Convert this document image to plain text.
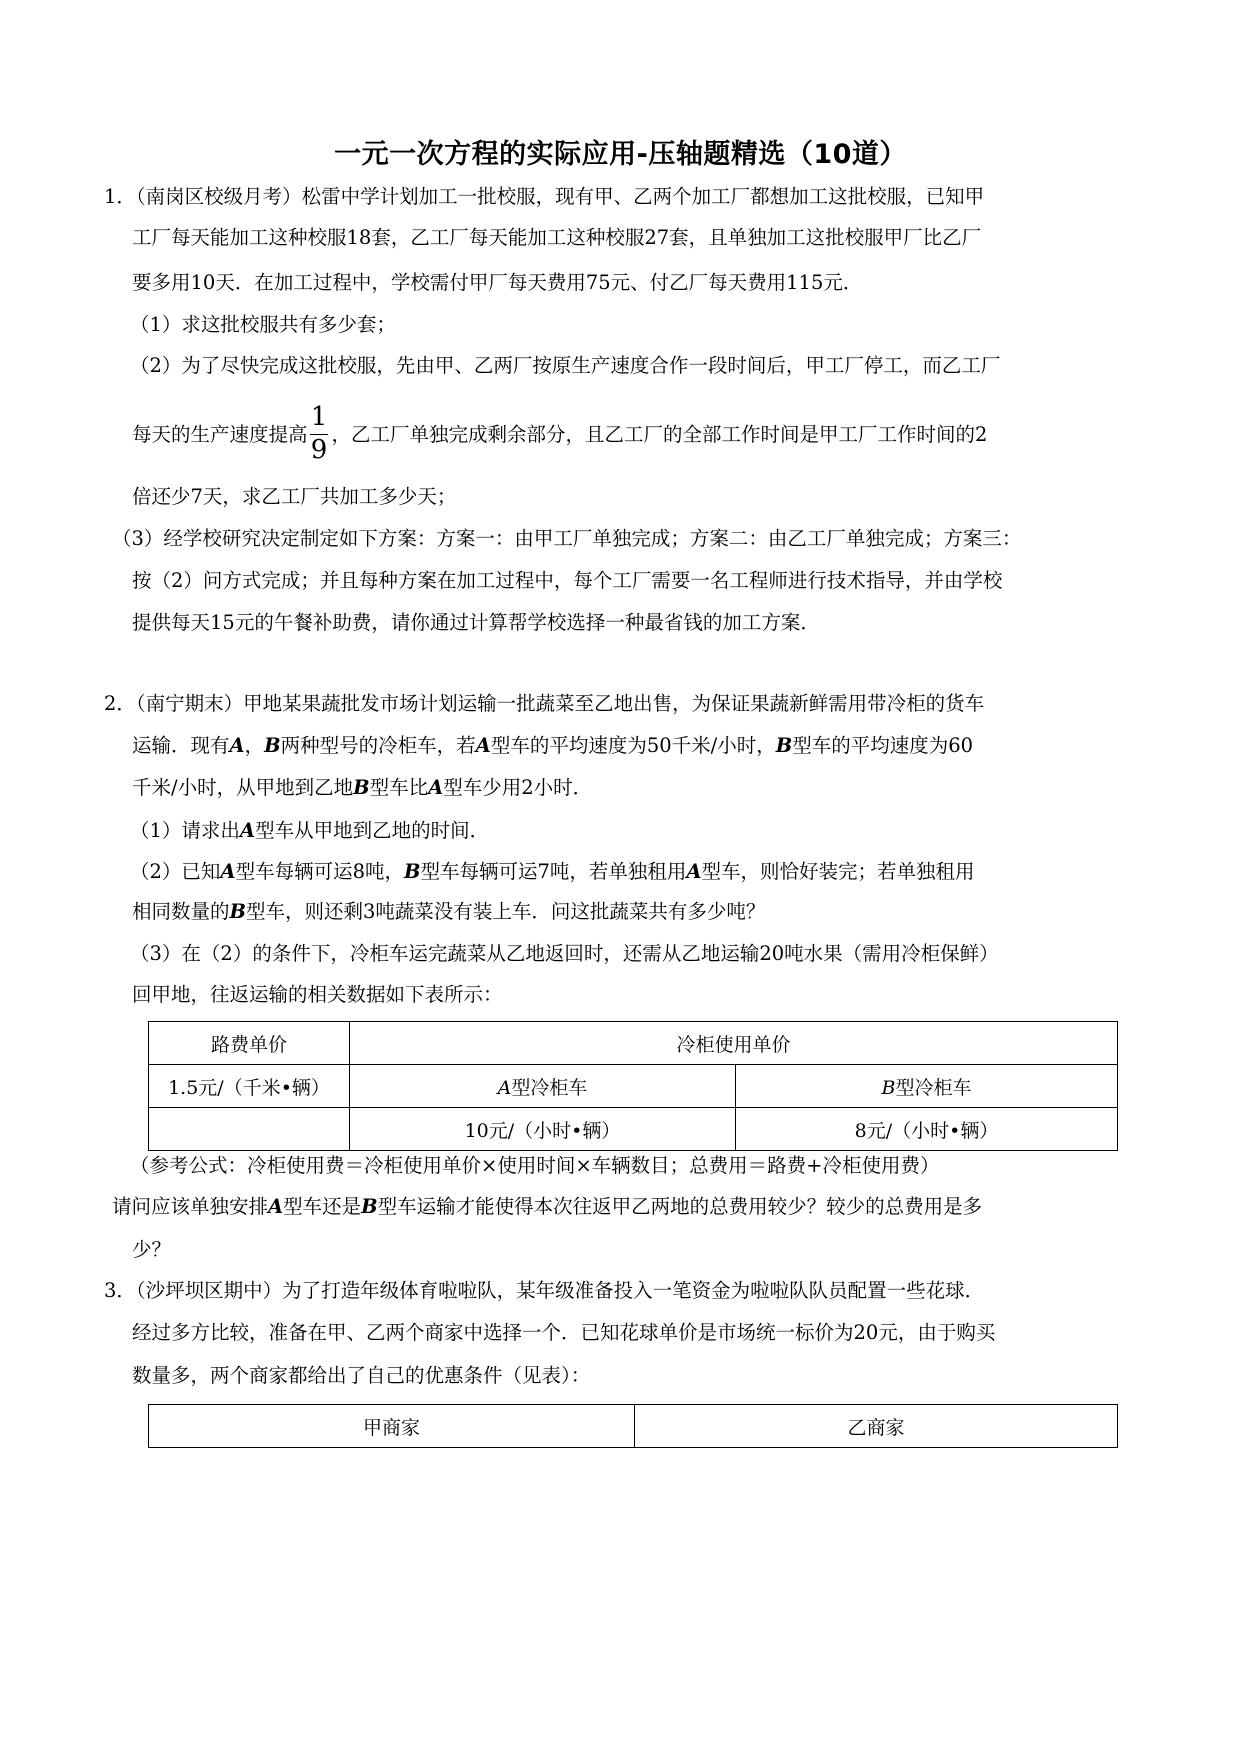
一元一次方程的实际应用-压轴题精选（10道）
1．（南岗区校级月考）松雷中学计划加工一批校服，现有甲、乙两个加工厂都想加工这批校服，已知甲
工厂每天能加工这种校服18套，乙工厂每天能加工这种校服27套，且单独加工这批校服甲厂比乙厂
要多用10天．在加工过程中，学校需付甲厂每天费用75元、付乙厂每天费用115元．
（1）求这批校服共有多少套；
（2）为了尽快完成这批校服，先由甲、乙两厂按原生产速度合作一段时间后，甲工厂停工，而乙工厂
每天的生产速度提高 ，乙工厂单独完成剩余部分，且乙工厂的全部工作时间是甲工厂工作时间的2
1
9
倍还少7天，求乙工厂共加工多少天；
（3）经学校研究决定制定如下方案：方案一：由甲工厂单独完成；方案二：由乙工厂单独完成；方案三：
按（2）问方式完成；并且每种方案在加工过程中，每个工厂需要一名工程师进行技术指导，并由学校
提供每天15元的午餐补助费，请你通过计算帮学校选择一种最省钱的加工方案．
2．（南宁期末）甲地某果蔬批发市场计划运输一批蔬菜至乙地出售，为保证果蔬新鲜需用带冷柜的货车
运输．现有A，B两种型号的冷柜车，若A型车的平均速度为50千米/小时，B型车的平均速度为60
千米/小时，从甲地到乙地B型车比A型车少用2小时．
（1）请求出A型车从甲地到乙地的时间．
（2）已知A型车每辆可运8吨，B型车每辆可运7吨，若单独租用A型车，则恰好装完；若单独租用
相同数量的B型车，则还剩3吨蔬菜没有装上车．问这批蔬菜共有多少吨？
（3）在（2）的条件下，冷柜车运完蔬菜从乙地返回时，还需从乙地运输20吨水果（需用冷柜保鲜）
回甲地，往返运输的相关数据如下表所示：
路费单价	冷柜使用单价	
1.5元/（千米•辆）	A型冷柜车	B型冷柜车
	10元/（小时•辆）	8元/（小时•辆）
（参考公式：冷柜使用费＝冷柜使用单价×使用时间×车辆数目；总费用＝路费+冷柜使用费）
请问应该单独安排A型车还是B型车运输才能使得本次往返甲乙两地的总费用较少？较少的总费用是多
少？
3．（沙坪坝区期中）为了打造年级体育啦啦队，某年级准备投入一笔资金为啦啦队队员配置一些花球．
经过多方比较，准备在甲、乙两个商家中选择一个．已知花球单价是市场统一标价为20元，由于购买
数量多，两个商家都给出了自己的优惠条件（见表）：
甲商家	乙商家
